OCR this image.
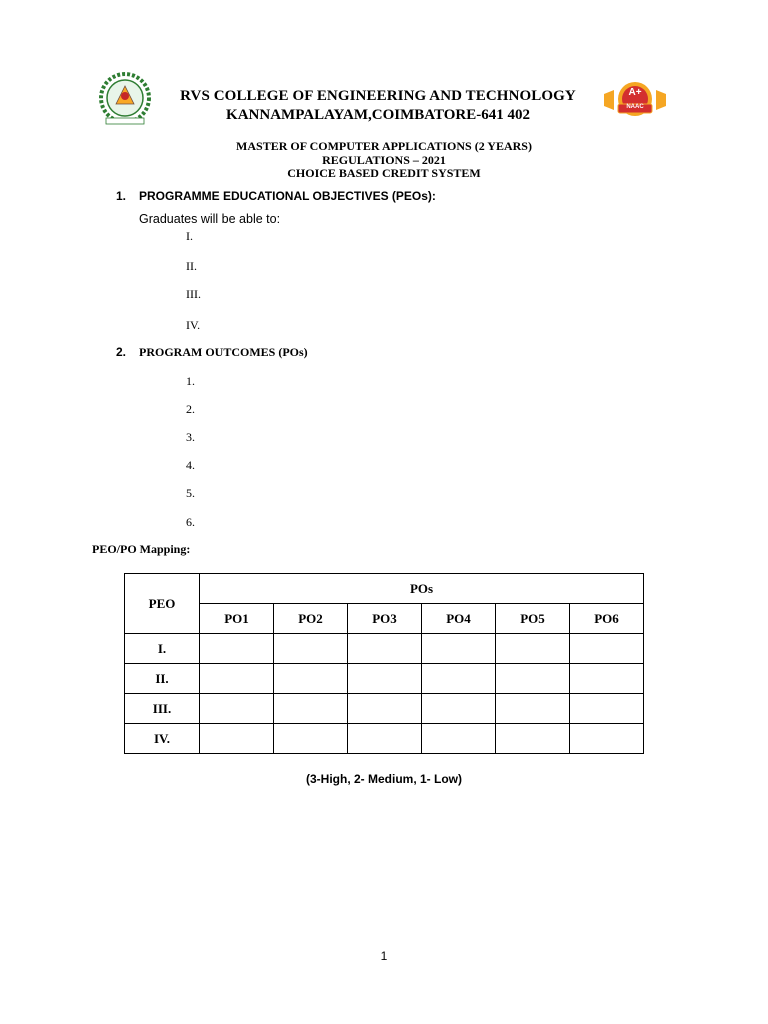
RVS COLLEGE OF ENGINEERING AND TECHNOLOGY
KANNAMPALAYAM,COIMBATORE-641 402
A+
NAAC
MASTER OF COMPUTER APPLICATIONS (2 YEARS)
REGULATIONS – 2021
CHOICE BASED CREDIT SYSTEM
1. PROGRAMME EDUCATIONAL OBJECTIVES (PEOs):
Graduates will be able to:
I.
II.
III.
IV.
2. PROGRAM OUTCOMES (POs)
1.
2.
3.
4.
5.
6.
PEO/PO Mapping:
PEO	POs					
	PO1	PO2	PO3	PO4	PO5	PO6
I.						
II.						
III.						
IV.						
(3-High, 2- Medium, 1- Low)
1
